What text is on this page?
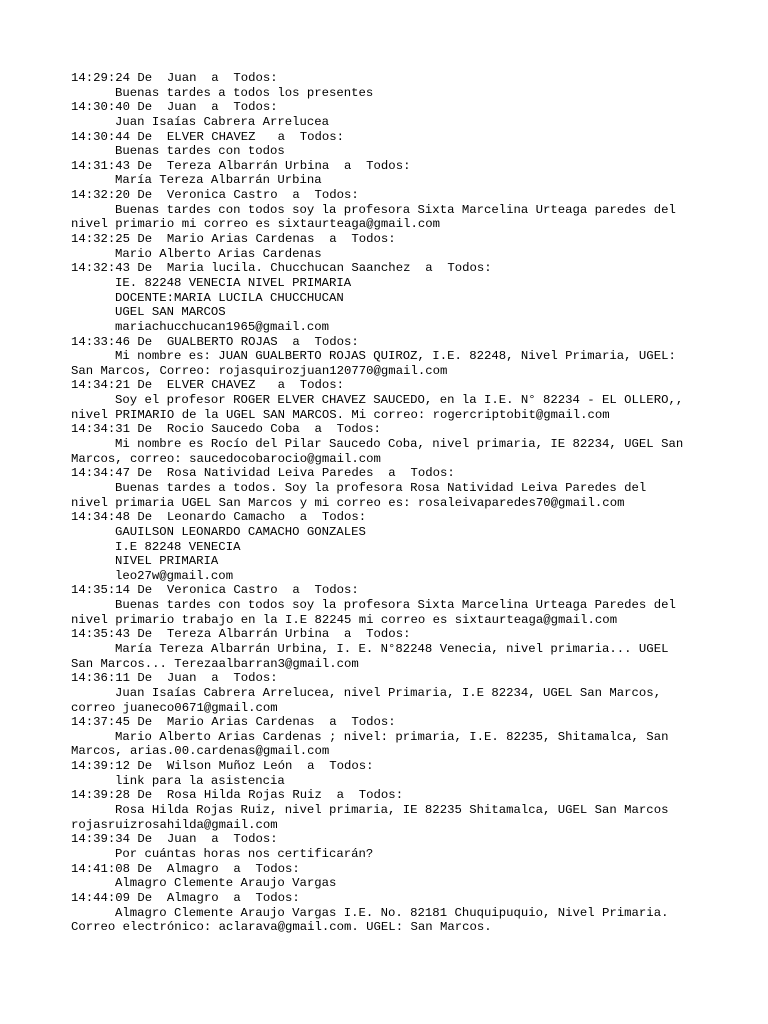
14:29:24 De  Juan  a  Todos:
Buenas tardes a todos los presentes
14:30:40 De  Juan  a  Todos:
Juan Isaías Cabrera Arrelucea
14:30:44 De  ELVER CHAVEZ   a  Todos:
Buenas tardes con todos
14:31:43 De  Tereza Albarrán Urbina  a  Todos:
María Tereza Albarrán Urbina
14:32:20 De  Veronica Castro  a  Todos:
Buenas tardes con todos soy la profesora Sixta Marcelina Urteaga paredes del
nivel primario mi correo es sixtaurteaga@gmail.com
14:32:25 De  Mario Arias Cardenas  a  Todos:
Mario Alberto Arias Cardenas
14:32:43 De  Maria lucila. Chucchucan Saanchez  a  Todos:
IE. 82248 VENECIA NIVEL PRIMARIA
DOCENTE:MARIA LUCILA CHUCCHUCAN
UGEL SAN MARCOS
mariachucchucan1965@gmail.com
14:33:46 De  GUALBERTO ROJAS  a  Todos:
Mi nombre es: JUAN GUALBERTO ROJAS QUIROZ, I.E. 82248, Nivel Primaria, UGEL:
San Marcos, Correo: rojasquirozjuan120770@gmail.com
14:34:21 De  ELVER CHAVEZ   a  Todos:
Soy el profesor ROGER ELVER CHAVEZ SAUCEDO, en la I.E. N° 82234 - EL OLLERO,,
nivel PRIMARIO de la UGEL SAN MARCOS. Mi correo: rogercriptobit@gmail.com
14:34:31 De  Rocio Saucedo Coba  a  Todos:
Mi nombre es Rocío del Pilar Saucedo Coba, nivel primaria, IE 82234, UGEL San
Marcos, correo: saucedocobarocio@gmail.com
14:34:47 De  Rosa Natividad Leiva Paredes  a  Todos:
Buenas tardes a todos. Soy la profesora Rosa Natividad Leiva Paredes del
nivel primaria UGEL San Marcos y mi correo es: rosaleivaparedes70@gmail.com
14:34:48 De  Leonardo Camacho  a  Todos:
GAUILSON LEONARDO CAMACHO GONZALES
I.E 82248 VENECIA
NIVEL PRIMARIA
leo27w@gmail.com
14:35:14 De  Veronica Castro  a  Todos:
Buenas tardes con todos soy la profesora Sixta Marcelina Urteaga Paredes del
nivel primario trabajo en la I.E 82245 mi correo es sixtaurteaga@gmail.com
14:35:43 De  Tereza Albarrán Urbina  a  Todos:
María Tereza Albarrán Urbina, I. E. N°82248 Venecia, nivel primaria... UGEL
San Marcos... Terezaalbarran3@gmail.com
14:36:11 De  Juan  a  Todos:
Juan Isaías Cabrera Arrelucea, nivel Primaria, I.E 82234, UGEL San Marcos,
correo juaneco0671@gmail.com
14:37:45 De  Mario Arias Cardenas  a  Todos:
Mario Alberto Arias Cardenas ; nivel: primaria, I.E. 82235, Shitamalca, San
Marcos, arias.00.cardenas@gmail.com
14:39:12 De  Wilson Muñoz León  a  Todos:
link para la asistencia
14:39:28 De  Rosa Hilda Rojas Ruiz  a  Todos:
Rosa Hilda Rojas Ruiz, nivel primaria, IE 82235 Shitamalca, UGEL San Marcos
rojasruizrosahilda@gmail.com
14:39:34 De  Juan  a  Todos:
Por cuántas horas nos certificarán?
14:41:08 De  Almagro  a  Todos:
Almagro Clemente Araujo Vargas
14:44:09 De  Almagro  a  Todos:
Almagro Clemente Araujo Vargas I.E. No. 82181 Chuquipuquio, Nivel Primaria.
Correo electrónico: aclarava@gmail.com. UGEL: San Marcos.
